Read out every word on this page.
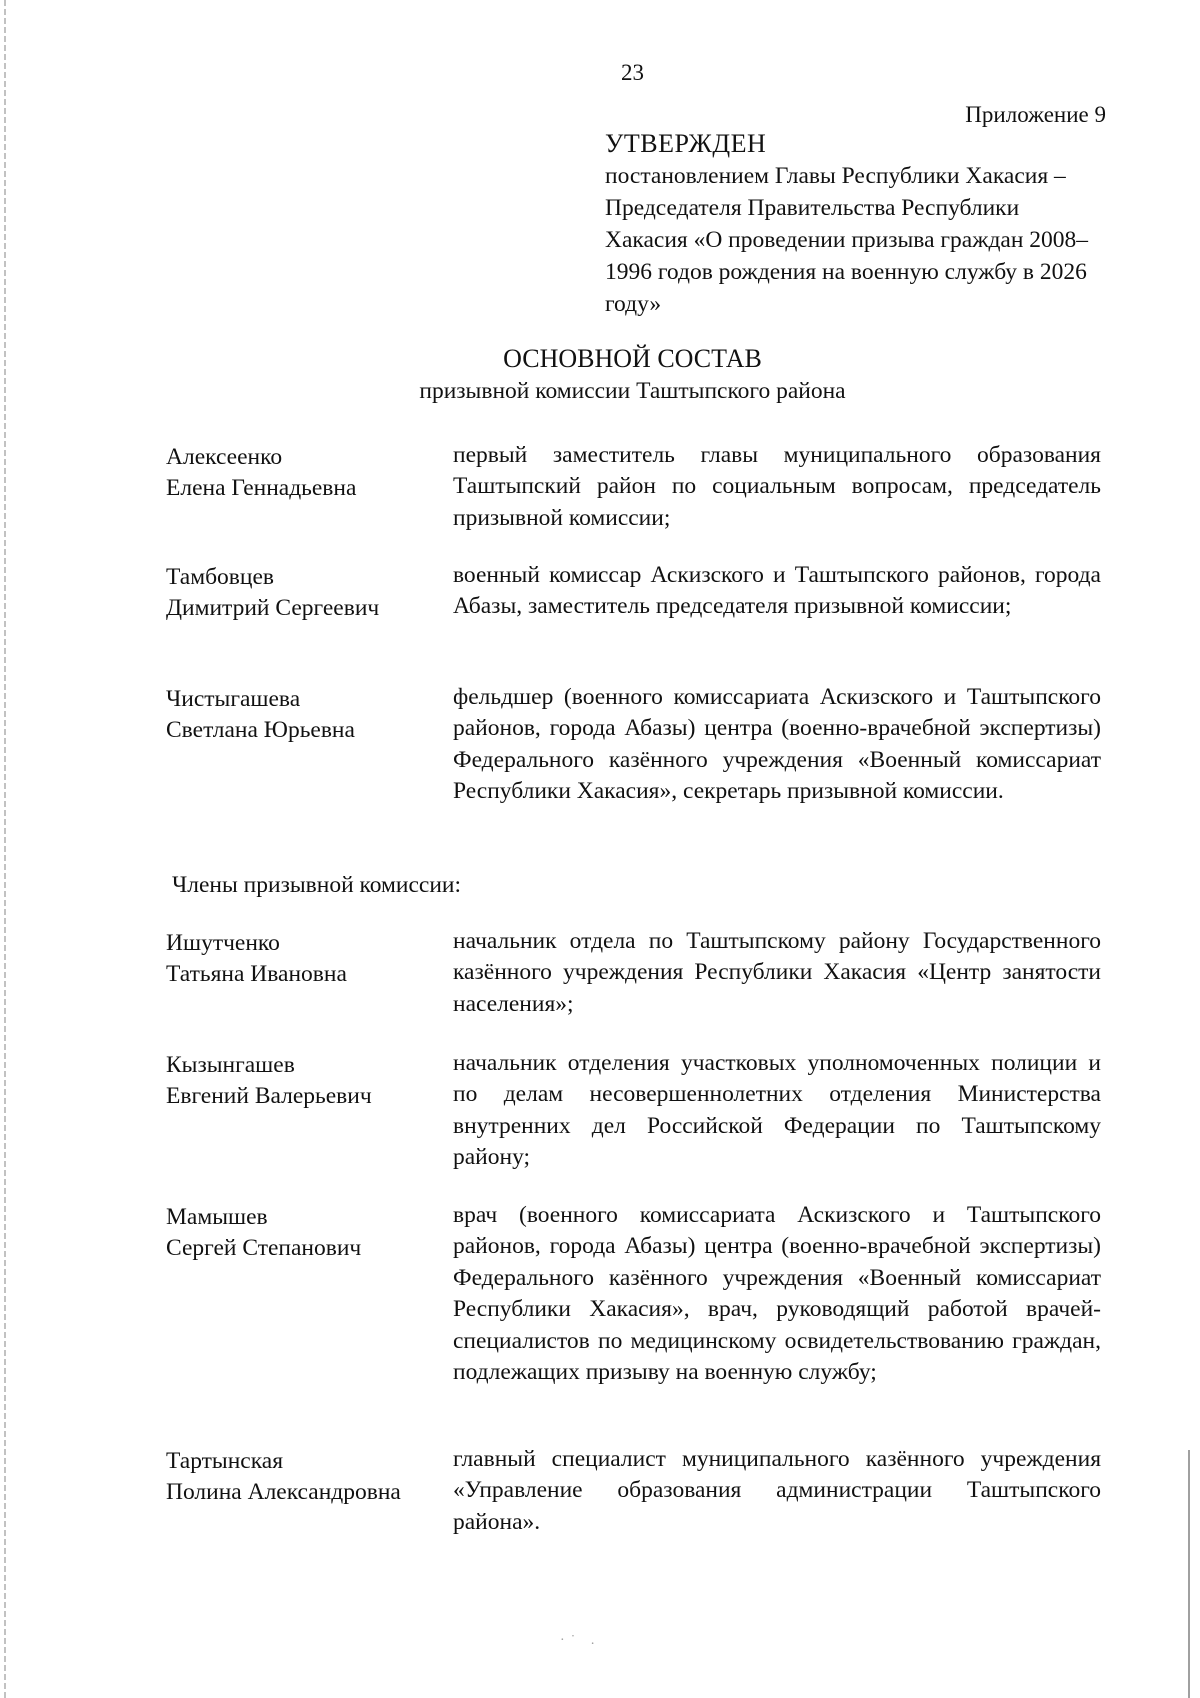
23
Приложение 9
УТВЕРЖДЕН
постановлением Главы Республики Хакасия – Председателя Правительства Республики Хакасия «О проведении призыва граждан 2008–1996 годов рождения на военную службу в 2026 году»
ОСНОВНОЙ СОСТАВ
призывной комиссии Таштыпского района
Алексеенко
Елена Геннадьевна
первый заместитель главы муниципального образования Таштыпский район по социальным вопросам, председатель призывной комиссии;
Тамбовцев
Димитрий Сергеевич
военный комиссар Аскизского и Таштыпского районов, города Абазы, заместитель председателя призывной комиссии;
Чистыгашева
Светлана Юрьевна
фельдшер (военного комиссариата Аскизского и Таштыпского районов, города Абазы) центра (военно-врачебной экспертизы) Федерального казённого учреждения «Военный комиссариат Республики Хакасия», секретарь призывной комиссии.
Члены призывной комиссии:
Ишутченко
Татьяна Ивановна
начальник отдела по Таштыпскому району Государственного казённого учреждения Республики Хакасия «Центр занятости населения»;
Кызынгашев
Евгений Валерьевич
начальник отделения участковых уполномоченных полиции и по делам несовершеннолетних отделения Министерства внутренних дел Российской Федерации по Таштыпскому району;
Мамышев
Сергей Степанович
врач (военного комиссариата Аскизского и Таштыпского районов, города Абазы) центра (военно-врачебной экспертизы) Федерального казённого учреждения «Военный комиссариат Республики Хакасия», врач, руководящий работой врачей-специалистов по медицинскому освидетельствованию граждан, подлежащих призыву на военную службу;
Тартынская
Полина Александровна
главный специалист муниципального казённого учреждения «Управление образования администрации Таштыпского района».
·˙ .
